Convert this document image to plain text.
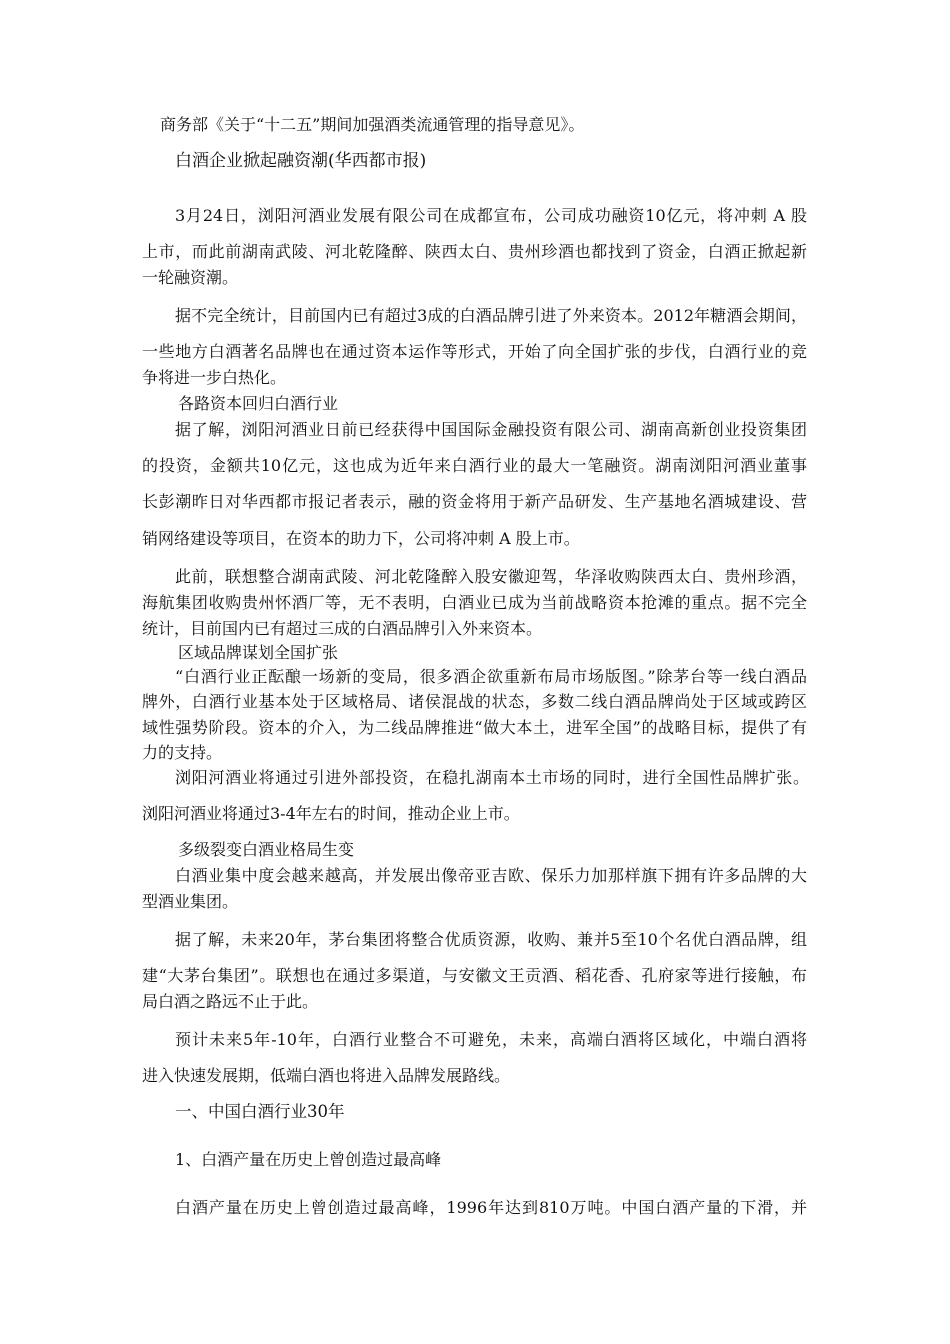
商务部《关于“十二五”期间加强酒类流通管理的指导意见》。
白酒企业掀起融资潮(华西都市报)
3月24日，浏阳河酒业发展有限公司在成都宣布，公司成功融资10亿元，将冲刺 A 股
上市，而此前湖南武陵、河北乾隆醉、陕西太白、贵州珍酒也都找到了资金，白酒正掀起新
一轮融资潮。
据不完全统计，目前国内已有超过3成的白酒品牌引进了外来资本。2012年糖酒会期间，
一些地方白酒著名品牌也在通过资本运作等形式，开始了向全国扩张的步伐，白酒行业的竞
争将进一步白热化。
各路资本回归白酒行业
据了解，浏阳河酒业日前已经获得中国国际金融投资有限公司、湖南高新创业投资集团
的投资，金额共10亿元，这也成为近年来白酒行业的最大一笔融资。湖南浏阳河酒业董事
长彭潮昨日对华西都市报记者表示，融的资金将用于新产品研发、生产基地名酒城建设、营
销网络建设等项目，在资本的助力下，公司将冲刺 A 股上市。
此前，联想整合湖南武陵、河北乾隆醉入股安徽迎驾，华泽收购陕西太白、贵州珍酒，
海航集团收购贵州怀酒厂等，无不表明，白酒业已成为当前战略资本抢滩的重点。据不完全
统计，目前国内已有超过三成的白酒品牌引入外来资本。
区域品牌谋划全国扩张
“白酒行业正酝酿一场新的变局，很多酒企欲重新布局市场版图。”除茅台等一线白酒品
牌外，白酒行业基本处于区域格局、诸侯混战的状态，多数二线白酒品牌尚处于区域或跨区
域性强势阶段。资本的介入，为二线品牌推进“做大本土，进军全国”的战略目标，提供了有
力的支持。
浏阳河酒业将通过引进外部投资，在稳扎湖南本土市场的同时，进行全国性品牌扩张。
浏阳河酒业将通过3-4年左右的时间，推动企业上市。
多级裂变白酒业格局生变
白酒业集中度会越来越高，并发展出像帝亚吉欧、保乐力加那样旗下拥有许多品牌的大
型酒业集团。
据了解，未来20年，茅台集团将整合优质资源，收购、兼并5至10个名优白酒品牌，组
建“大茅台集团”。联想也在通过多渠道，与安徽文王贡酒、稻花香、孔府家等进行接触，布
局白酒之路远不止于此。
预计未来5年-10年，白酒行业整合不可避免，未来，高端白酒将区域化，中端白酒将
进入快速发展期，低端白酒也将进入品牌发展路线。
一、中国白酒行业30年
1、白酒产量在历史上曾创造过最高峰
白酒产量在历史上曾创造过最高峰，1996年达到810万吨。中国白酒产量的下滑，并
